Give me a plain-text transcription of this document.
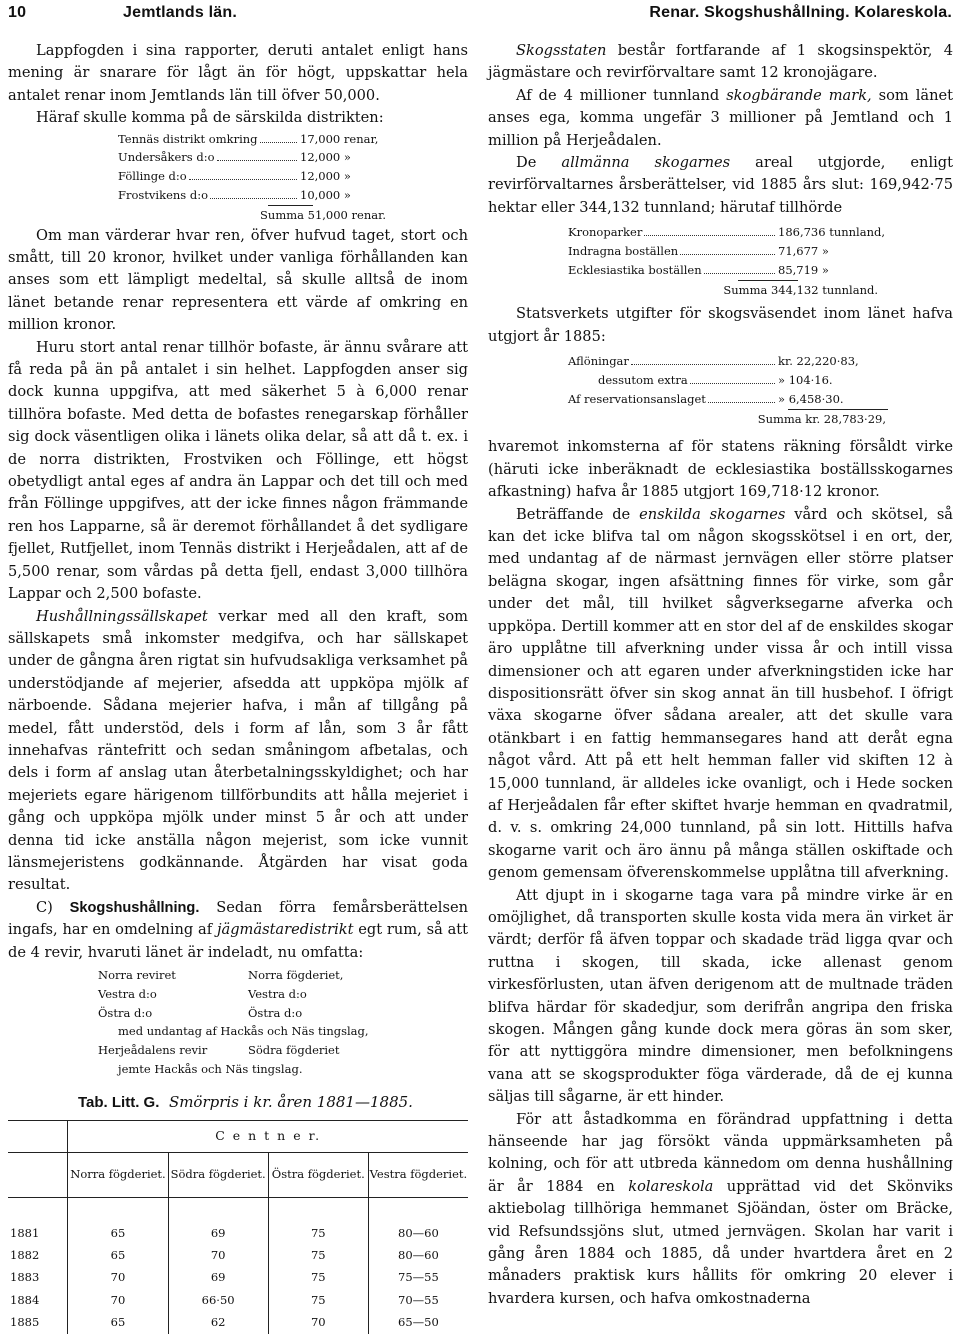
10	Jemtlands län.	Renar. Skogshushållning. Kolareskola.

Lappfogden i sina rapporter, deruti antalet enligt hans mening är snarare för lågt än för högt, uppskattar hela antalet renar inom Jemtlands län till öfver 50,000.

Häraf skulle komma på de särskilda distrikten:

Tennäs distrikt omkring	17,000 renar,
Undersåkers d:o	12,000 »
Föllinge d:o	12,000 »
Frostvikens d:o	10,000 »
Summa 51,000 renar.

Om man värderar hvar ren, öfver hufvud taget, stort och smått, till 20 kronor, hvilket under vanliga förhållanden kan anses som ett lämpligt medeltal, så skulle alltså de inom länet betande renar representera ett värde af omkring en million kronor.

Huru stort antal renar tillhör bofaste, är ännu svårare att få reda på än på antalet i sin helhet. Lappfogden anser sig dock kunna uppgifva, att med säkerhet 5 à 6,000 renar tillhöra bofaste. Med detta de bofastes renegarskap förhåller sig dock väsentligen olika i länets olika delar, så att då t. ex. i de norra distrikten, Frostviken och Föllinge, ett högst obetydligt antal eges af andra än Lappar och det till och med från Föllinge uppgifves, att der icke finnes någon främmande ren hos Lapparne, så är deremot förhållandet å det sydligare fjellet, Rutfjellet, inom Tennäs distrikt i Herjeådalen, att af de 5,500 renar, som vårdas på detta fjell, endast 3,000 tillhöra Lappar och 2,500 bofaste.

Hushållningssällskapet verkar med all den kraft, som sällskapets små inkomster medgifva, och har sällskapet under de gångna åren rigtat sin hufvudsakliga verksamhet på understödjande af mejerier, afsedda att uppköpa mjölk af närboende. Sådana mejerier hafva, i mån af tillgång på medel, fått understöd, dels i form af lån, som 3 år fått innehafvas räntefritt och sedan småningom afbetalas, och dels i form af anslag utan återbetalningsskyldighet; och har mejeriets egare härigenom tillförbundits att hålla mejeriet i gång och uppköpa mjölk under minst 5 år och att under denna tid icke anställa någon mejerist, som icke vunnit länsmejeristens godkännande. Åtgärden har visat goda resultat.

C) Skogshushållning. Sedan förra femårsberättelsen ingafs, har en omdelning af jägmästaredistrikt egt rum, så att de 4 revir, hvaruti länet är indeladt, nu omfatta:

Norra reviret	Norra fögderiet,
Vestra d:o	Vestra d:o
Östra d:o	Östra d:o
med undantag af Hackås och Näs tingslag,
Herjeådalens revir	Södra fögderiet
jemte Hackås och Näs tingslag.
Tab. Litt. G. Smörpris i kr. åren 1881—1885.
	C e n t n e r.			
	Norra fögderiet.	Södra fögderiet.	Östra fögderiet.	Vestra fögderiet.

1881	65	69	75	80—60
1882	65	70	75	80—60
1883	70	69	75	75—55
1884	70	66·50	75	70—55
1885	65	62	70	65—50

Skogsstaten består fortfarande af 1 skogsinspektör, 4 jägmästare och revirförvaltare samt 12 kronojägare.

Af de 4 millioner tunnland skogbärande mark, som länet anses ega, komma ungefär 3 millioner på Jemtland och 1 million på Herjeådalen.

De allmänna skogarnes areal utgjorde, enligt revirförvaltarnes årsberättelser, vid 1885 års slut: 169,942·75 hektar eller 344,132 tunnland; härutaf tillhörde

Kronoparker	186,736 tunnland,
Indragna boställen	71,677 »
Ecklesiastika boställen	85,719 »
Summa 344,132 tunnland.

Statsverkets utgifter för skogsväsendet inom länet hafva utgjort år 1885:

Aflöningar	kr. 22,220·83,
dessutom extra	» 104·16.
Af reservationsanslaget	» 6,458·30.
Summa kr. 28,783·29,

hvaremot inkomsterna af för statens räkning försåldt virke (häruti icke inberäknadt de ecklesiastika boställsskogarnes afkastning) hafva år 1885 utgjort 169,718·12 kronor.

Beträffande de enskilda skogarnes vård och skötsel, så kan det icke blifva tal om någon skogsskötsel i en ort, der, med undantag af de närmast jernvägen eller större platser belägna skogar, ingen afsättning finnes för virke, som går under det mål, till hvilket sågverksegarne afverka och uppköpa. Dertill kommer att en stor del af de enskildes skogar äro upplåtne till afverkning under vissa år och intill vissa dimensioner och att egaren under afverkningstiden icke har dispositionsrätt öfver sin skog annat än till husbehof. I öfrigt växa skogarne öfver sådana arealer, att det skulle vara otänkbart i en fattig hemmansegares hand att deråt egna något vård. Att på ett helt hemman faller vid skiften 12 à 15,000 tunnland, är alldeles icke ovanligt, och i Hede socken af Herjeådalen får efter skiftet hvarje hemman en qvadratmil, d. v. s. omkring 24,000 tunnland, på sin lott. Hittills hafva skogarne varit och äro ännu på många ställen oskiftade och genom gemensam öfverenskommelse upplåtna till afverkning.

Att djupt in i skogarne taga vara på mindre virke är en omöjlighet, då transporten skulle kosta vida mera än virket är värdt; derför få äfven toppar och skadade träd ligga qvar och ruttna i skogen, till skada, icke allenast genom virkesförlusten, utan äfven derigenom att de multnade träden blifva härdar för skadedjur, som derifrån angripa den friska skogen. Mången gång kunde dock mera göras än som sker, för att nyttiggöra mindre dimensioner, men befolkningens vana att se skogsprodukter föga värderade, då de ej kunna säljas till sågarne, är ett hinder.

För att åstadkomma en förändrad uppfattning i detta hänseende har jag försökt vända uppmärksamheten på kolning, och för att utbreda kännedom om denna hushållning är år 1884 en kolareskola upprättad vid det Skönviks aktiebolag tillhöriga hemmanet Sjöändan, öster om Bräcke, vid Refsundssjöns slut, utmed jernvägen. Skolan har varit i gång åren 1884 och 1885, då under hvartdera året en 2 månaders praktisk kurs hållits för omkring 20 elever i hvardera kursen, och hafva omkostnaderna
